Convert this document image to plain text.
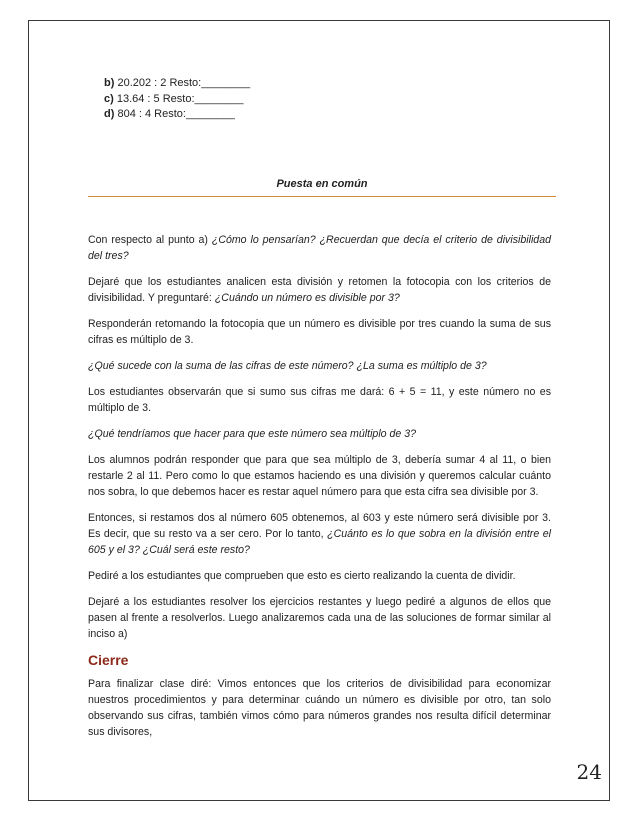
b) 20.202 : 2 Resto:________
c) 13.64 : 5 Resto:________
d) 804 : 4 Resto:________
Puesta en común

Con respecto al punto a) ¿Cómo lo pensarían? ¿Recuerdan que decía el criterio de divisibilidad del tres?

Dejaré que los estudiantes analicen esta división y retomen la fotocopia con los criterios de divisibilidad. Y preguntaré: ¿Cuándo un número es divisible por 3?

Responderán retomando la fotocopia que un número es divisible por tres cuando la suma de sus cifras es múltiplo de 3.

¿Qué sucede con la suma de las cifras de este número? ¿La suma es múltiplo de 3?

Los estudiantes observarán que si sumo sus cifras me dará: 6 + 5 = 11, y este número no es múltiplo de 3.

¿Qué tendríamos que hacer para que este número sea múltiplo de 3?

Los alumnos podrán responder que para que sea múltiplo de 3, debería sumar 4 al 11, o bien restarle 2 al 11. Pero como lo que estamos haciendo es una división y queremos calcular cuánto nos sobra, lo que debemos hacer es restar aquel número para que esta cifra sea divisible por 3.

Entonces, si restamos dos al número 605 obtenemos, al 603 y este número será divisible por 3. Es decir, que su resto va a ser cero. Por lo tanto, ¿Cuánto es lo que sobra en la división entre el 605 y el 3? ¿Cuál será este resto?

Pediré a los estudiantes que comprueben que esto es cierto realizando la cuenta de dividir.

Dejaré a los estudiantes resolver los ejercicios restantes y luego pediré a algunos de ellos que pasen al frente a resolverlos. Luego analizaremos cada una de las soluciones de formar similar al inciso a)

Cierre

Para finalizar clase diré: Vimos entonces que los criterios de divisibilidad para economizar nuestros procedimientos y para determinar cuándo un número es divisible por otro, tan solo observando sus cifras, también vimos cómo para números grandes nos resulta difícil determinar sus divisores,

24
